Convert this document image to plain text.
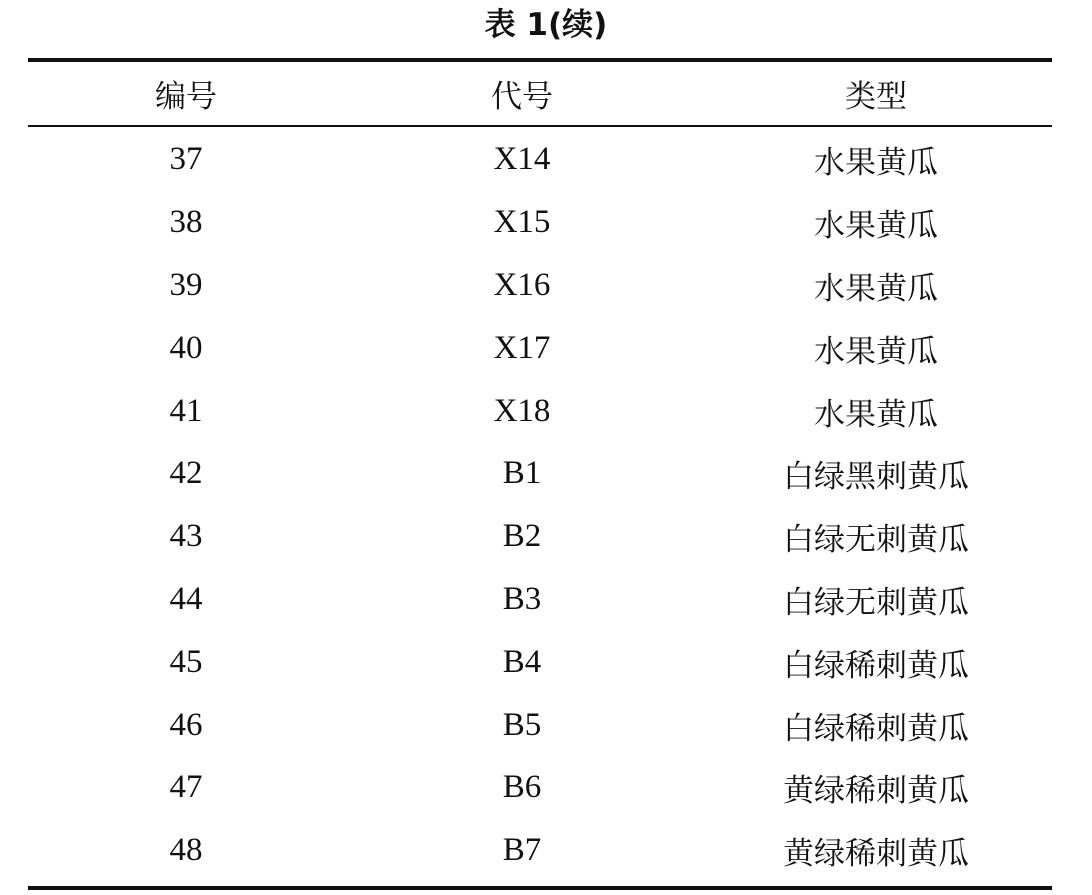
表 1(续)
编号	代号	类型
37	X14	水果黄瓜
38	X15	水果黄瓜
39	X16	水果黄瓜
40	X17	水果黄瓜
41	X18	水果黄瓜
42	B1	白绿黑刺黄瓜
43	B2	白绿无刺黄瓜
44	B3	白绿无刺黄瓜
45	B4	白绿稀刺黄瓜
46	B5	白绿稀刺黄瓜
47	B6	黄绿稀刺黄瓜
48	B7	黄绿稀刺黄瓜
